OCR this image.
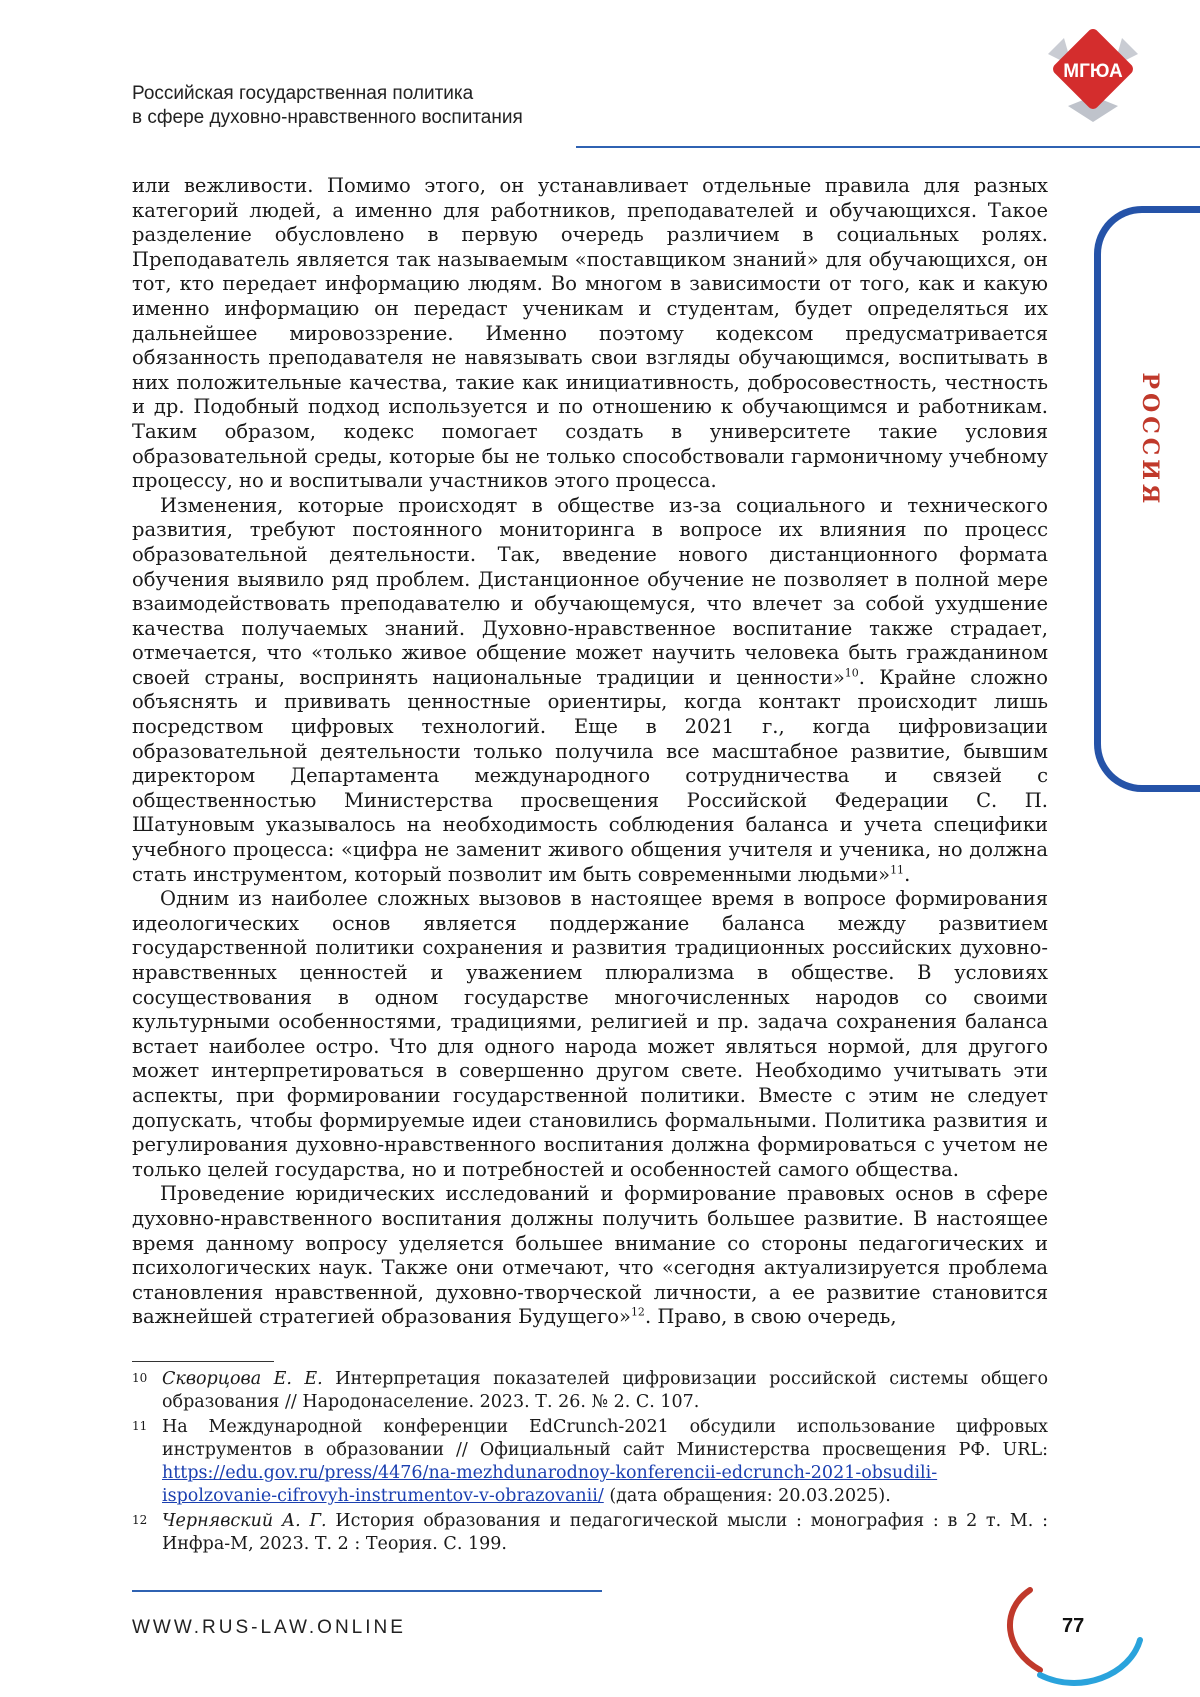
Российская государственная политика
в сфере духовно-нравственного воспитания
МГЮА
РОССИЯ

или вежливости. Помимо этого, он устанавливает отдельные правила для разных категорий людей, а именно для работников, преподавателей и обучающихся. Такое разделение обусловлено в первую очередь различием в социальных ролях. Преподаватель является так называемым «поставщиком знаний» для обучающихся, он тот, кто передает информацию людям. Во многом в зависимости от того, как и какую именно информацию он передаст ученикам и студентам, будет определяться их дальнейшее мировоззрение. Именно поэтому кодексом предусматривается обязанность преподавателя не навязывать свои взгляды обучающимся, воспитывать в них положительные качества, такие как инициативность, добросовестность, честность и др. Подобный подход используется и по отношению к обучающимся и работникам. Таким образом, кодекс помогает создать в университете такие условия образовательной среды, которые бы не только способствовали гармоничному учебному процессу, но и воспитывали участников этого процесса.

Изменения, которые происходят в обществе из-за социального и технического развития, требуют постоянного мониторинга в вопросе их влияния по процесс образовательной деятельности. Так, введение нового дистанционного формата обучения выявило ряд проблем. Дистанционное обучение не позволяет в полной мере взаимодействовать преподавателю и обучающемуся, что влечет за собой ухудшение качества получаемых знаний. Духовно-нравственное воспитание также страдает, отмечается, что «только живое общение может научить человека быть гражданином своей страны, воспринять национальные традиции и ценности»10. Крайне сложно объяснять и прививать ценностные ориентиры, когда контакт происходит лишь посредством цифровых технологий. Еще в 2021 г., когда цифровизации образовательной деятельности только получила все масштабное развитие, бывшим директором Департамента международного сотрудничества и связей с общественностью Министерства просвещения Российской Федерации С. П. Шатуновым указывалось на необходимость соблюдения баланса и учета специфики учебного процесса: «цифра не заменит живого общения учителя и ученика, но должна стать инструментом, который позволит им быть современными людьми»11.

Одним из наиболее сложных вызовов в настоящее время в вопросе формирования идеологических основ является поддержание баланса между развитием государственной политики сохранения и развития традиционных российских духовно-нравственных ценностей и уважением плюрализма в обществе. В условиях сосуществования в одном государстве многочисленных народов со своими культурными особенностями, традициями, религией и пр. задача сохранения баланса встает наиболее остро. Что для одного народа может являться нормой, для другого может интерпретироваться в совершенно другом свете. Необходимо учитывать эти аспекты, при формировании государственной политики. Вместе с этим не следует допускать, чтобы формируемые идеи становились формальными. Политика развития и регулирования духовно-нравственного воспитания должна формироваться с учетом не только целей государства, но и потребностей и особенностей самого общества.

Проведение юридических исследований и формирование правовых основ в сфере духовно-нравственного воспитания должны получить большее развитие. В настоящее время данному вопросу уделяется большее внимание со стороны педагогических и психологических наук. Также они отмечают, что «сегодня актуализируется проблема становления нравственной, духовно-творческой личности, а ее развитие становится важнейшей стратегией образования Будущего»12. Право, в свою очередь,

10 Скворцова Е. Е. Интерпретация показателей цифровизации российской системы общего образования // Народонаселение. 2023. Т. 26. № 2. С. 107.
11 На Международной конференции EdCrunch-2021 обсудили использование цифровых инструментов в образовании // Официальный сайт Министерства просвещения РФ. URL: https://edu.gov.ru/press/4476/na-mezhdunarodnoy-konferencii-edcrunch-2021-obsudili-ispolzovanie-cifrovyh-instrumentov-v-obrazovanii/ (дата обращения: 20.03.2025).
12 Чернявский А. Г. История образования и педагогической мысли : монография : в 2 т. М. : Инфра-М, 2023. Т. 2 : Теория. С. 199.
WWW.RUS-LAW.ONLINE	77
